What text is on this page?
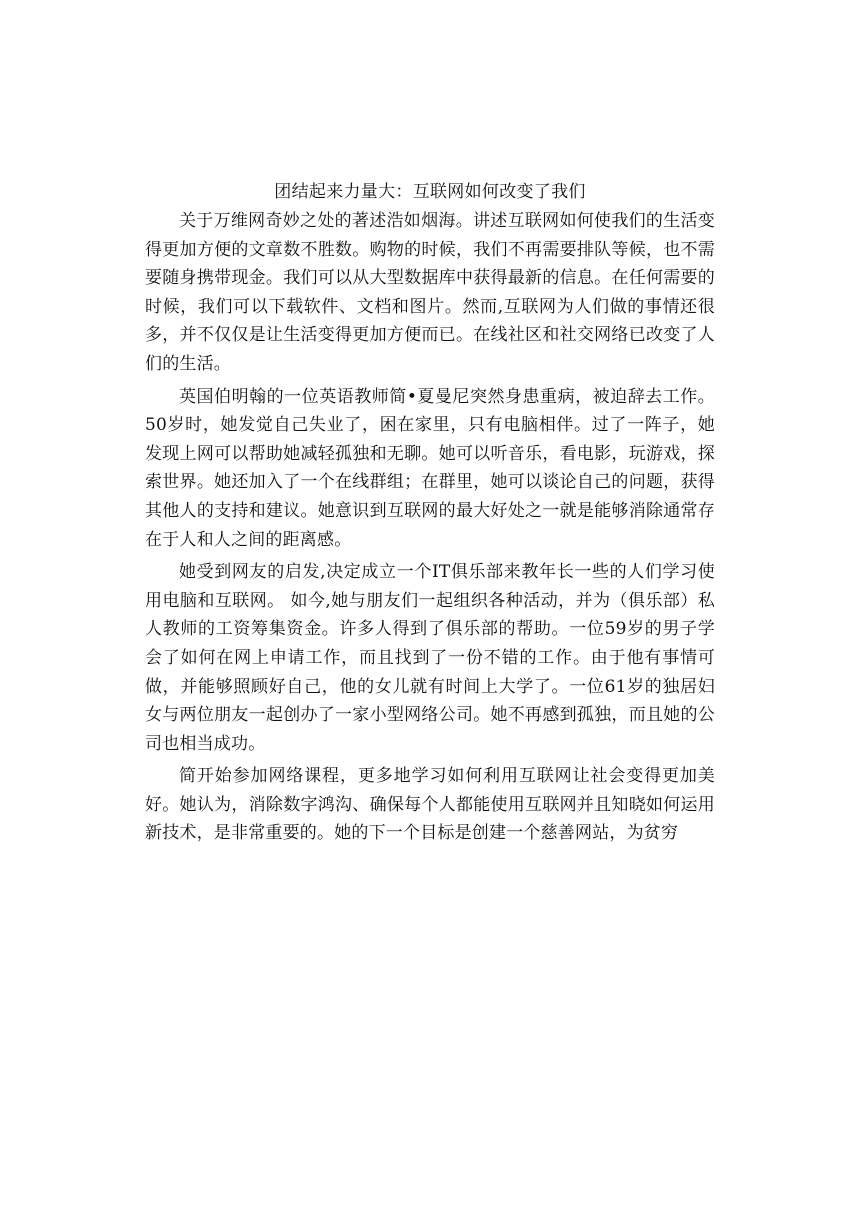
团结起来力量大：互联网如何改变了我们

关于万维网奇妙之处的著述浩如烟海。讲述互联网如何使我们的生活变得更加方便的文章数不胜数。购物的时候，我们不再需要排队等候，也不需要随身携带现金。我们可以从大型数据库中获得最新的信息。在任何需要的时候，我们可以下载软件、文档和图片。然而,互联网为人们做的事情还很多，并不仅仅是让生活变得更加方便而已。在线社区和社交网络已改变了人们的生活。

英国伯明翰的一位英语教师简•夏曼尼突然身患重病，被迫辞去工作。50岁时，她发觉自己失业了，困在家里，只有电脑相伴。过了一阵子，她发现上网可以帮助她减轻孤独和无聊。她可以听音乐，看电影，玩游戏，探索世界。她还加入了一个在线群组；在群里，她可以谈论自己的问题，获得其他人的支持和建议。她意识到互联网的最大好处之一就是能够消除通常存在于人和人之间的距离感。

她受到网友的启发,决定成立一个IT俱乐部来教年长一些的人们学习使用电脑和互联网。 如今,她与朋友们一起组织各种活动，并为（俱乐部）私人教师的工资筹集资金。许多人得到了俱乐部的帮助。一位59岁的男子学会了如何在网上申请工作，而且找到了一份不错的工作。由于他有事情可做，并能够照顾好自己，他的女儿就有时间上大学了。一位61岁的独居妇女与两位朋友一起创办了一家小型网络公司。她不再感到孤独，而且她的公司也相当成功。

简开始参加网络课程，更多地学习如何利用互联网让社会变得更加美好。她认为，消除数字鸿沟、确保每个人都能使用互联网并且知晓如何运用新技术，是非常重要的。她的下一个目标是创建一个慈善网站，为贫穷
